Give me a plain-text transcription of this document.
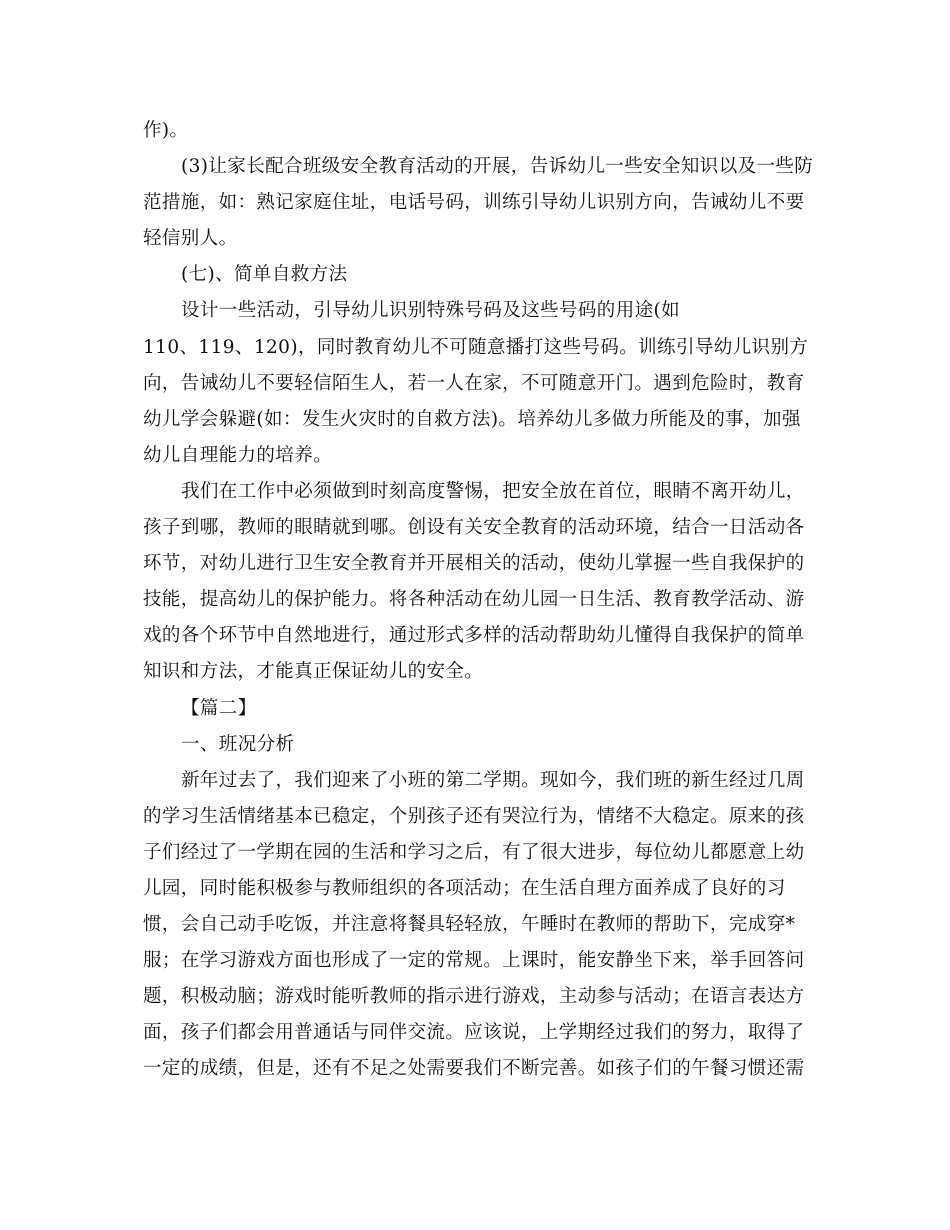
作)。
(3)让家长配合班级安全教育活动的开展，告诉幼儿一些安全知识以及一些防
范措施，如：熟记家庭住址，电话号码，训练引导幼儿识别方向，告诫幼儿不要
轻信别人。
(七)、简单自救方法
设计一些活动，引导幼儿识别特殊号码及这些号码的用途(如
110、119、120)，同时教育幼儿不可随意播打这些号码。训练引导幼儿识别方
向，告诫幼儿不要轻信陌生人，若一人在家，不可随意开门。遇到危险时，教育
幼儿学会躲避(如：发生火灾时的自救方法)。培养幼儿多做力所能及的事，加强
幼儿自理能力的培养。
我们在工作中必须做到时刻高度警惕，把安全放在首位，眼睛不离开幼儿，
孩子到哪，教师的眼睛就到哪。创设有关安全教育的活动环境，结合一日活动各
环节，对幼儿进行卫生安全教育并开展相关的活动，使幼儿掌握一些自我保护的
技能，提高幼儿的保护能力。将各种活动在幼儿园一日生活、教育教学活动、游
戏的各个环节中自然地进行，通过形式多样的活动帮助幼儿懂得自我保护的简单
知识和方法，才能真正保证幼儿的安全。
【篇二】
一、班况分析
新年过去了，我们迎来了小班的第二学期。现如今，我们班的新生经过几周
的学习生活情绪基本已稳定，个别孩子还有哭泣行为，情绪不大稳定。原来的孩
子们经过了一学期在园的生活和学习之后，有了很大进步，每位幼儿都愿意上幼
儿园，同时能积极参与教师组织的各项活动；在生活自理方面养成了良好的习
惯，会自己动手吃饭，并注意将餐具轻轻放，午睡时在教师的帮助下，完成穿*
服；在学习游戏方面也形成了一定的常规。上课时，能安静坐下来，举手回答问
题，积极动脑；游戏时能听教师的指示进行游戏，主动参与活动；在语言表达方
面，孩子们都会用普通话与同伴交流。应该说，上学期经过我们的努力，取得了
一定的成绩，但是，还有不足之处需要我们不断完善。如孩子们的午餐习惯还需
